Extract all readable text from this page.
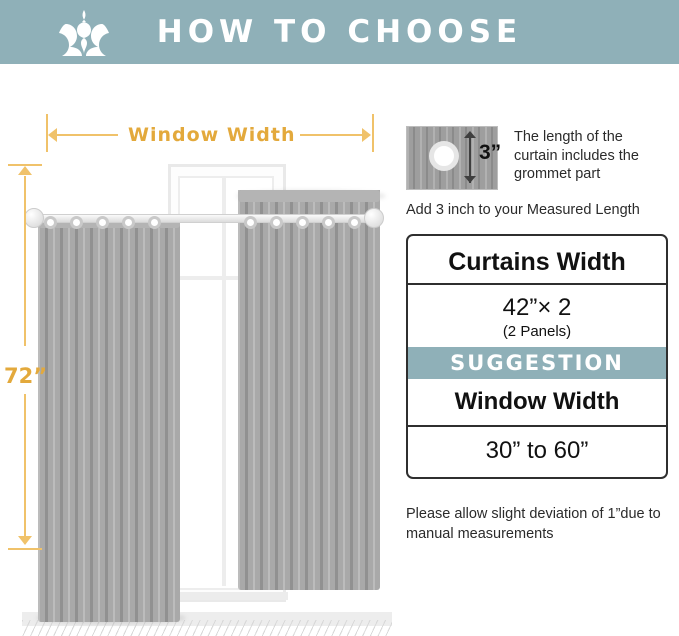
HOW TO CHOOSE
Window Width
72”
3”
The length of the curtain includes the grommet part
Add 3 inch to your Measured Length
Curtains Width
42”× 2
(2 Panels)
SUGGESTION
Window Width
30” to 60”
Please allow slight deviation of 1”due to manual measurements
